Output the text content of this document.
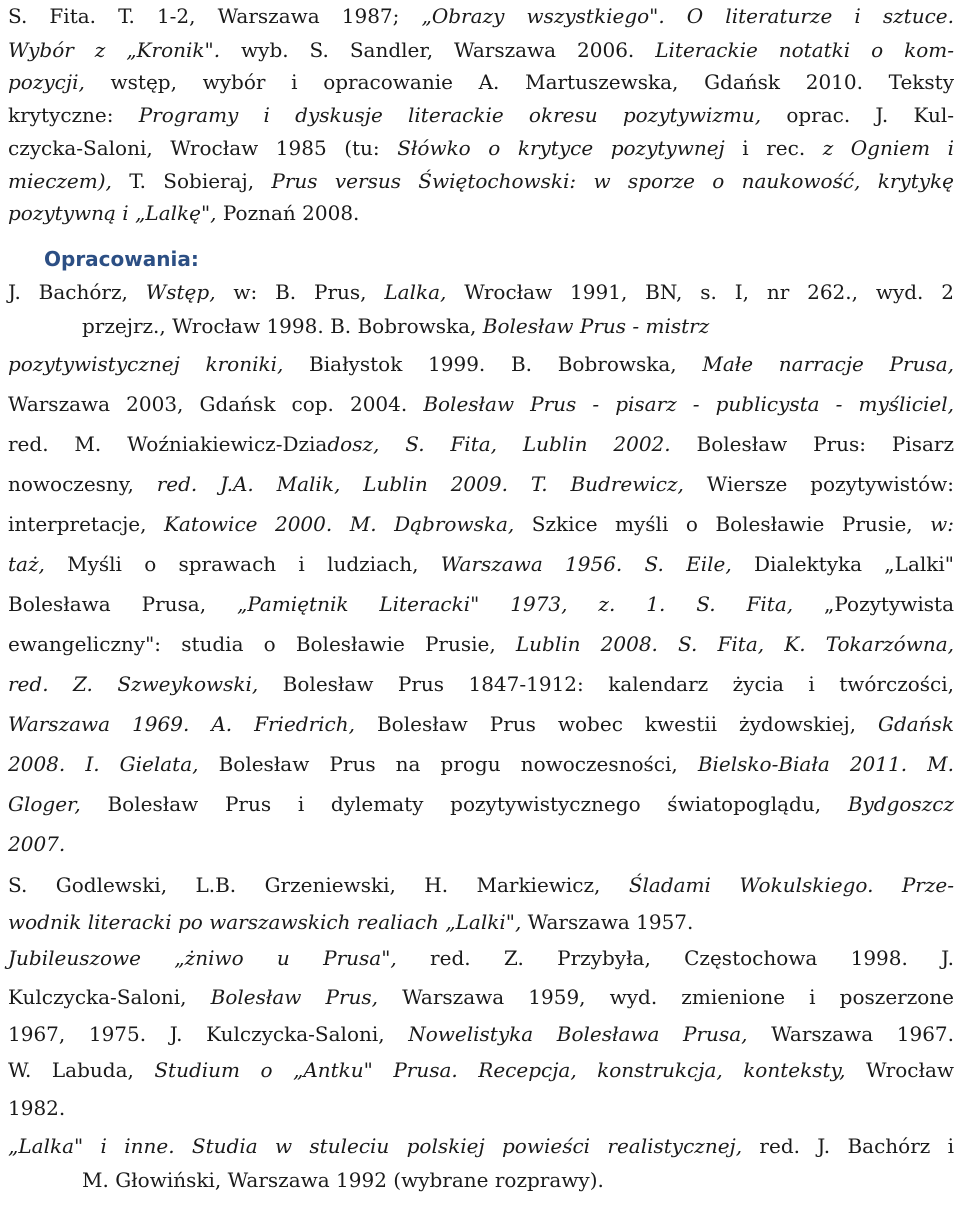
S. Fita. T. 1-2, Warszawa 1987; „Obrazy wszystkiego". O literaturze i sztuce.
Wybór z „Kronik". wyb. S. Sandler, Warszawa 2006. Literackie notatki o kom-
pozycji, wstęp, wybór i opracowanie A. Martuszewska, Gdańsk 2010. Teksty
krytyczne: Programy i dyskusje literackie okresu pozytywizmu, oprac. J. Kul-
czycka-Saloni, Wrocław 1985 (tu: Słówko o krytyce pozytywnej i rec. z Ogniem i
mieczem), T. Sobieraj, Prus versus Świętochowski: w sporze o naukowość, krytykę
pozytywną i „Lalkę", Poznań 2008.
Opracowania:
J. Bachórz, Wstęp, w: B. Prus, Lalka, Wrocław 1991, BN, s. I, nr 262., wyd. 2
przejrz., Wrocław 1998. B. Bobrowska, Bolesław Prus - mistrz
pozytywistycznej kroniki, Białystok 1999. B. Bobrowska, Małe narracje Prusa,
Warszawa 2003, Gdańsk cop. 2004. Bolesław Prus - pisarz - publicysta - myśliciel,
red. M. Woźniakiewicz-Dziadosz, S. Fita, Lublin 2002. Bolesław Prus: Pisarz
nowoczesny, red. J.A. Malik, Lublin 2009. T. Budrewicz, Wiersze pozytywistów:
interpretacje, Katowice 2000. M. Dąbrowska, Szkice myśli o Bolesławie Prusie, w:
taż, Myśli o sprawach i ludziach, Warszawa 1956. S. Eile, Dialektyka „Lalki"
Bolesława Prusa, „Pamiętnik Literacki" 1973, z. 1. S. Fita, „Pozytywista
ewangeliczny": studia o Bolesławie Prusie, Lublin 2008. S. Fita, K. Tokarzówna,
red. Z. Szweykowski, Bolesław Prus 1847-1912: kalendarz życia i twórczości,
Warszawa 1969. A. Friedrich, Bolesław Prus wobec kwestii żydowskiej, Gdańsk
2008. I. Gielata, Bolesław Prus na progu nowoczesności, Bielsko-Biała 2011. M.
Gloger, Bolesław Prus i dylematy pozytywistycznego światopoglądu, Bydgoszcz
2007.
S. Godlewski, L.B. Grzeniewski, H. Markiewicz, Śladami Wokulskiego. Prze-
wodnik literacki po warszawskich realiach „Lalki", Warszawa 1957.
Jubileuszowe „żniwo u Prusa", red. Z. Przybyła, Częstochowa 1998. J.
Kulczycka-Saloni, Bolesław Prus, Warszawa 1959, wyd. zmienione i poszerzone
1967, 1975. J. Kulczycka-Saloni, Nowelistyka Bolesława Prusa, Warszawa 1967.
W. Labuda, Studium o „Antku" Prusa. Recepcja, konstrukcja, konteksty, Wrocław
1982.
„Lalka" i inne. Studia w stuleciu polskiej powieści realistycznej, red. J. Bachórz i
M. Głowiński, Warszawa 1992 (wybrane rozprawy).
